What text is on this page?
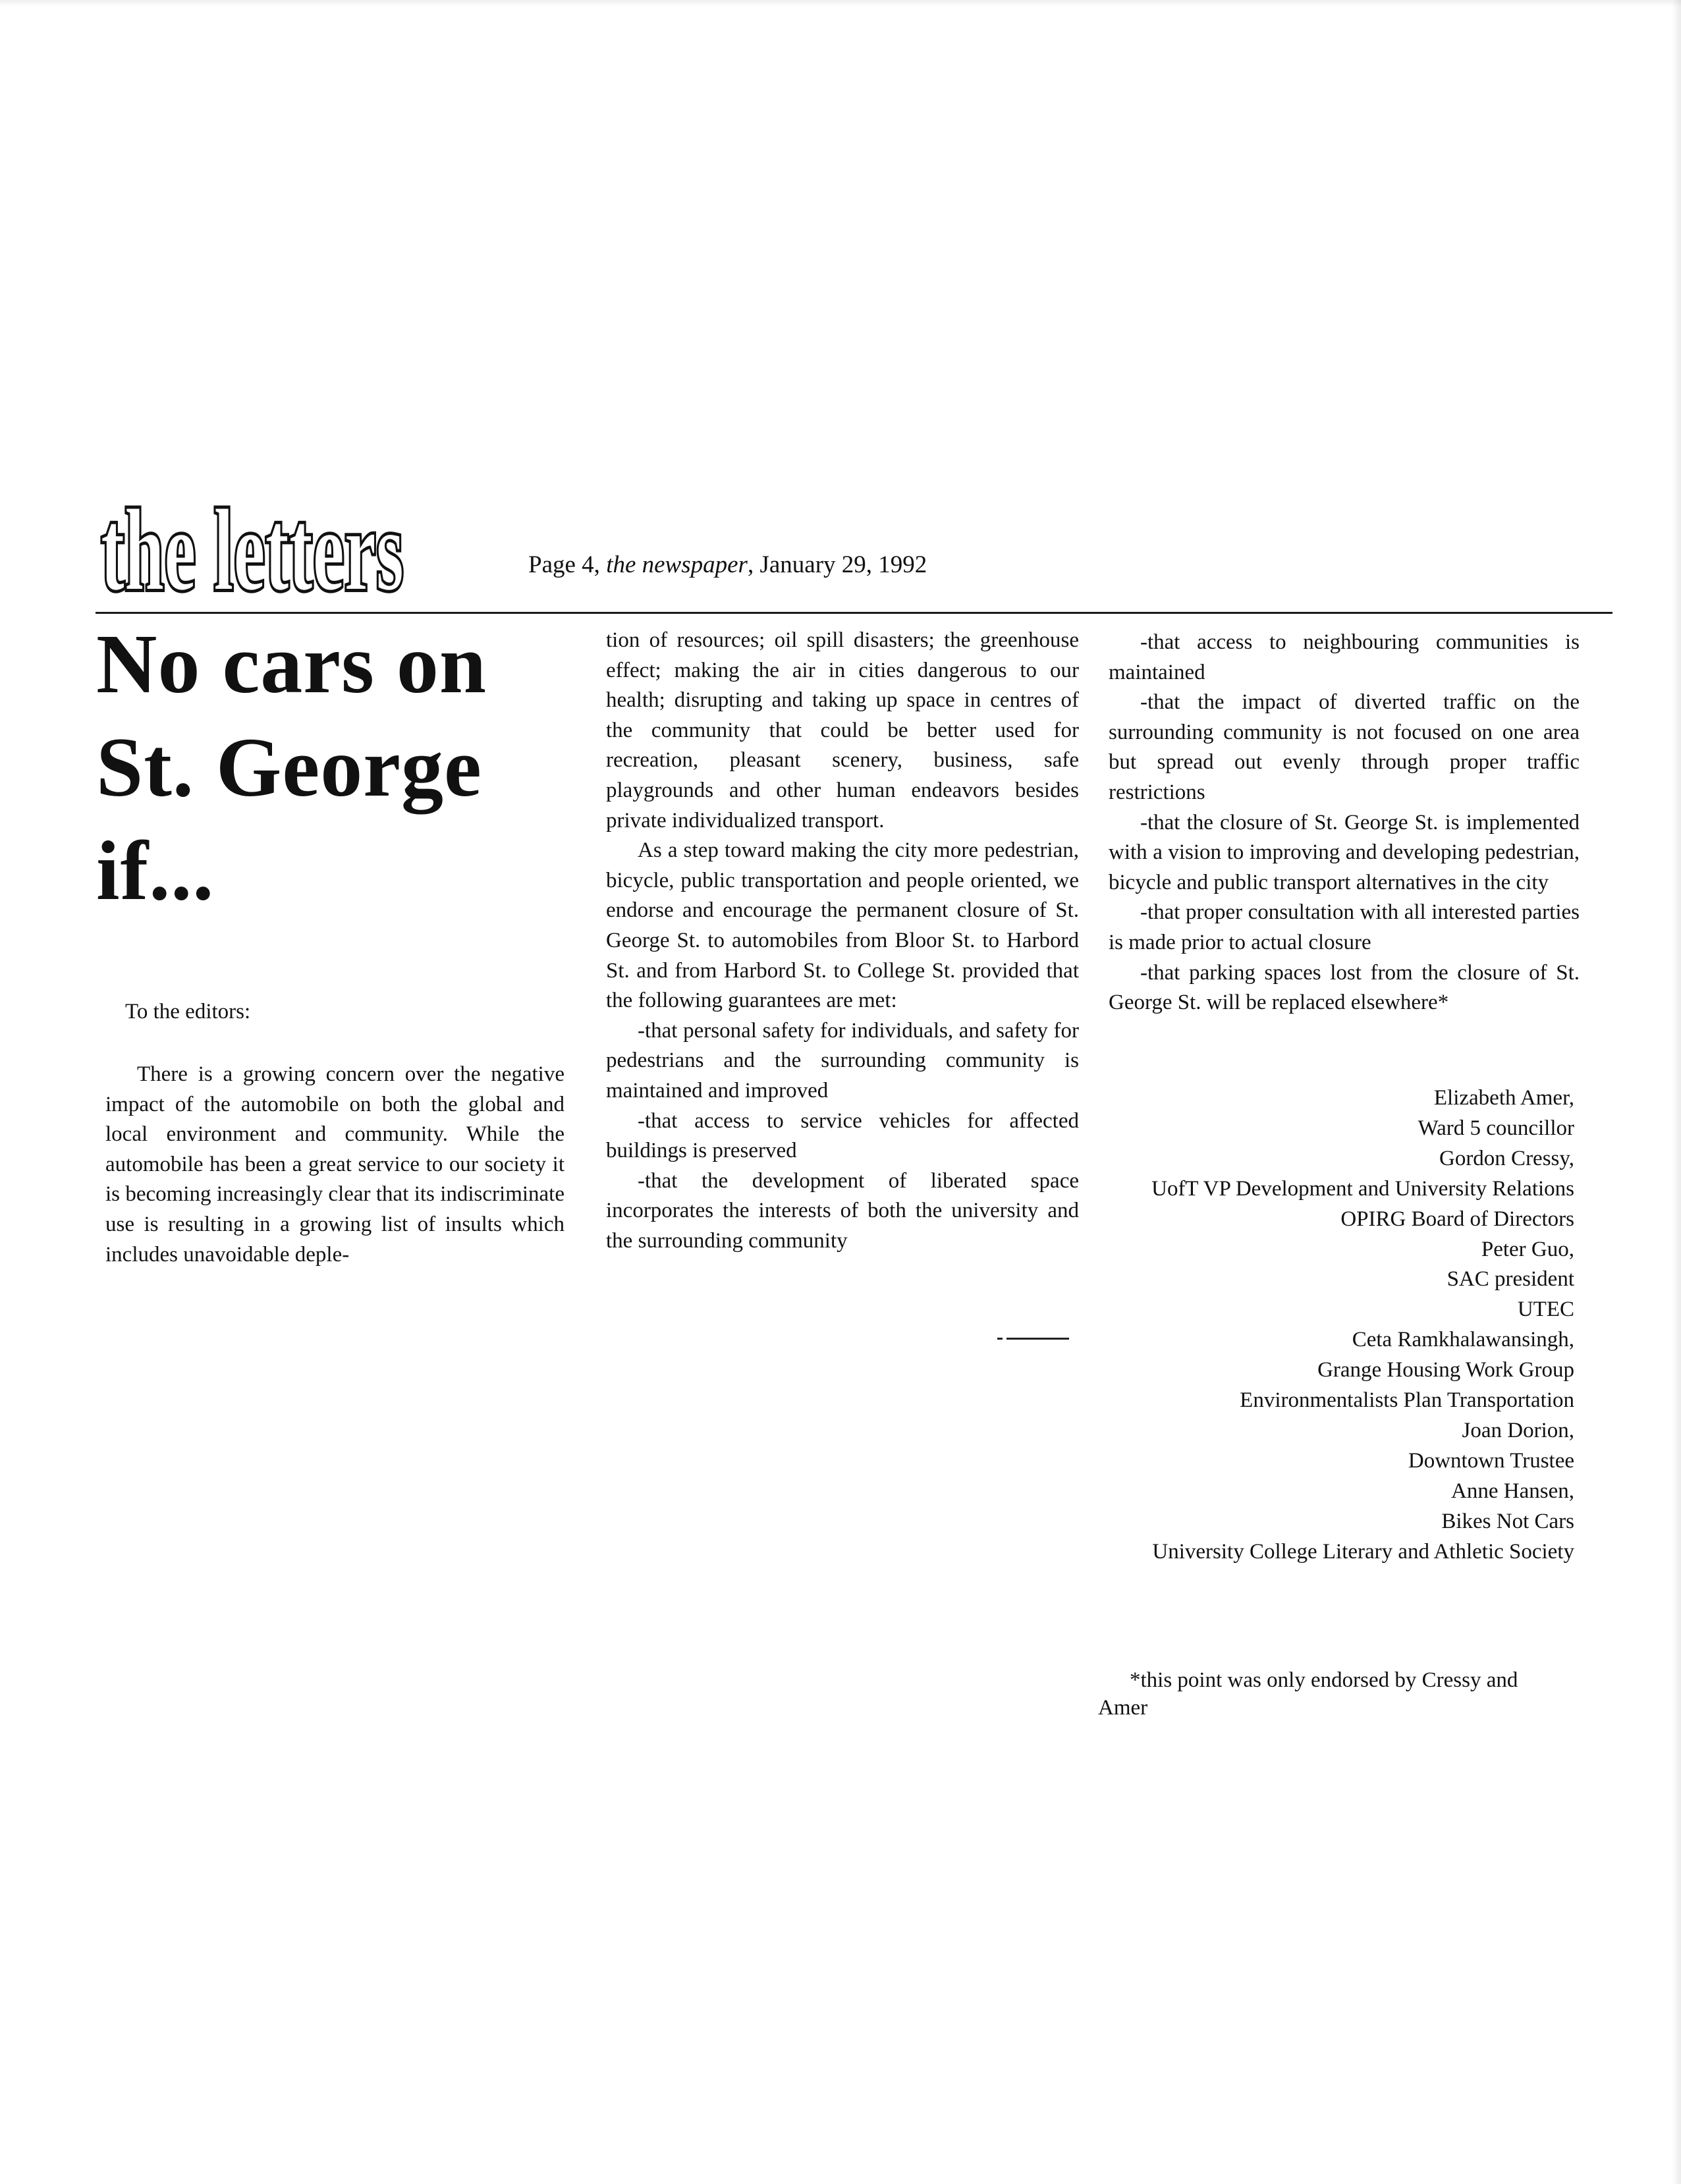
the letters
the letters	Page 4, the newspaper, January 29, 1992
No cars on
St. George
if...
To the editors:

There is a growing concern over the negative impact of the automobile on both the global and local environment and community. While the automobile has been a great service to our society it is becoming increasingly clear that its indiscriminate use is resulting in a growing list of insults which includes unavoidable deple-

tion of resources; oil spill disasters; the greenhouse effect; making the air in cities dangerous to our health; disrupting and taking up space in centres of the community that could be better used for recreation, pleasant scenery, business, safe playgrounds and other human endeavors besides private individualized transport.

As a step toward making the city more pedestrian, bicycle, public transportation and people oriented, we endorse and encourage the permanent closure of St. George St. to automobiles from Bloor St. to Harbord St. and from Harbord St. to College St. provided that the following guarantees are met:

-that personal safety for individuals, and safety for pedestrians and the surrounding community is maintained and improved

-that access to service vehicles for affected buildings is preserved

-that the development of liberated space incorporates the interests of both the university and the surrounding community

-that access to neighbouring communities is maintained

-that the impact of diverted traffic on the surrounding community is not focused on one area but spread out evenly through proper traffic restrictions

-that the closure of St. George St. is implemented with a vision to improving and developing pedestrian, bicycle and public transport alternatives in the city

-that proper consultation with all interested parties is made prior to actual closure

-that parking spaces lost from the closure of St. George St. will be replaced elsewhere*

Elizabeth Amer,
Ward 5 councillor
Gordon Cressy,
UofT VP Development and University Relations
OPIRG Board of Directors
Peter Guo,
SAC president
UTEC
Ceta Ramkhalawansingh,
Grange Housing Work Group
Environmentalists Plan Transportation
Joan Dorion,
Downtown Trustee
Anne Hansen,
Bikes Not Cars
University College Literary and Athletic Society
*this point was only endorsed by Cressy and Amer
